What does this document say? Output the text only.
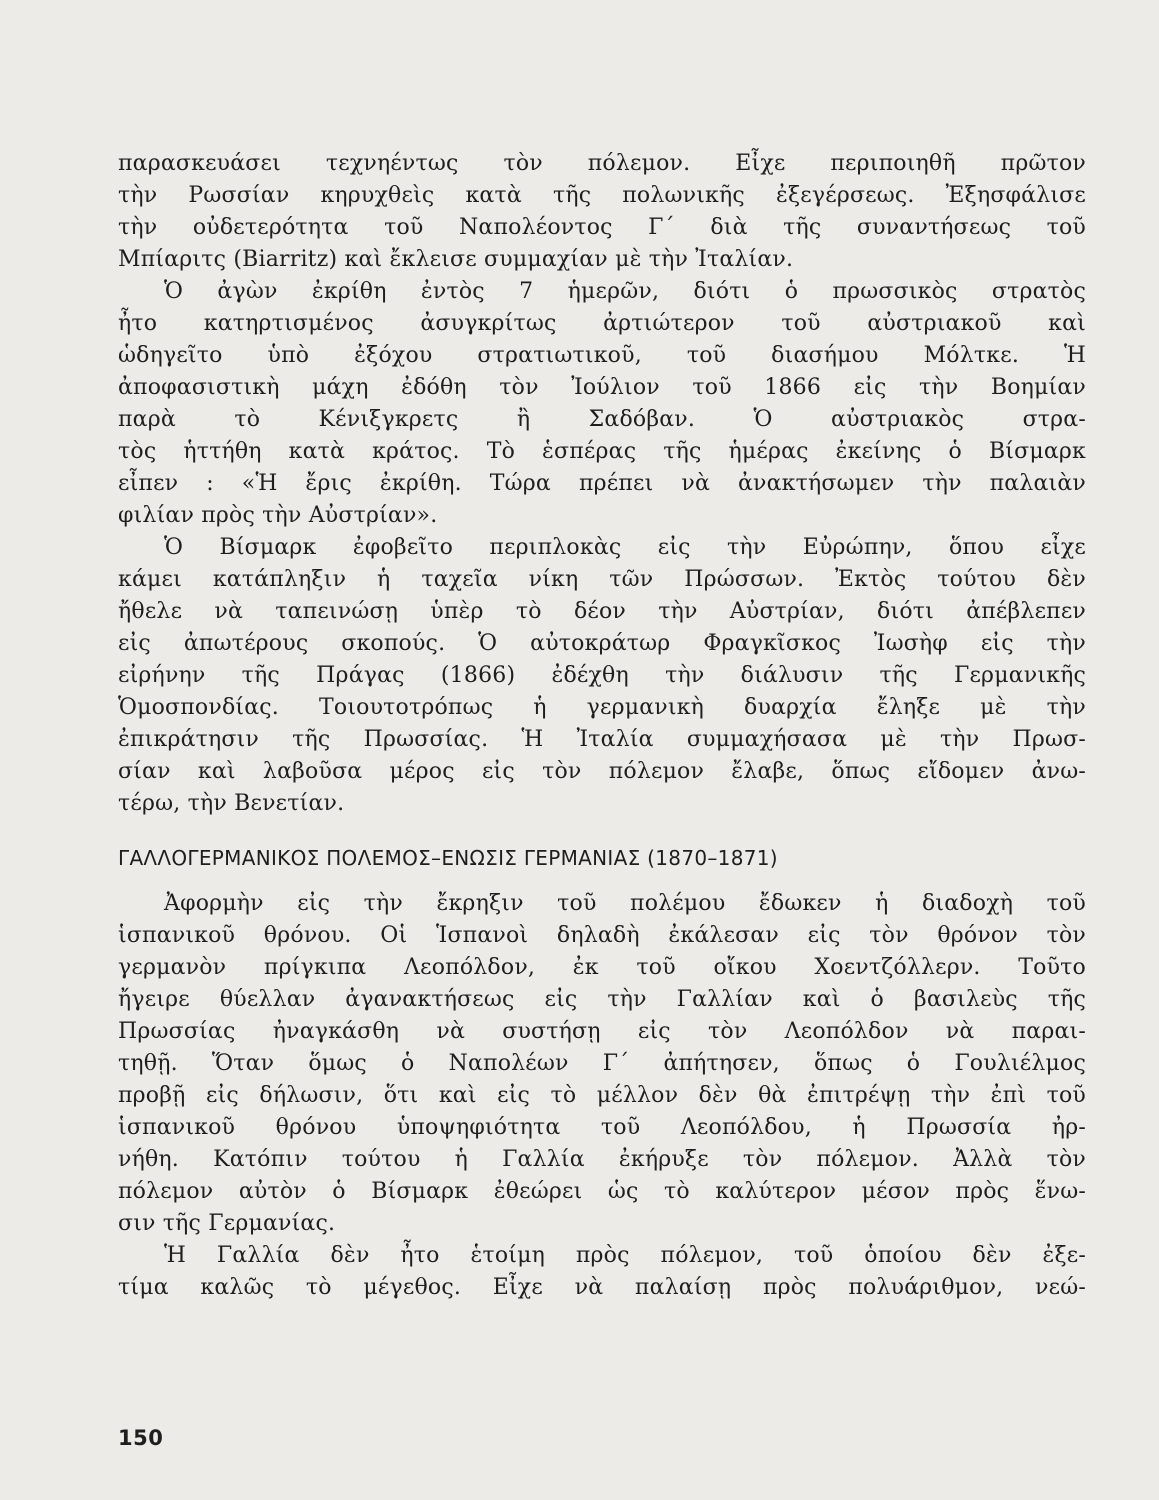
παρασκευάσει τεχνηέντως τὸν πόλεμον. Εἶχε περιποιηθῆ πρῶτον
τὴν Ρωσσίαν κηρυχθεὶς κατὰ τῆς πολωνικῆς ἐξεγέρσεως. Ἐξησφάλισε
τὴν οὐδετερότητα τοῦ Ναπολέοντος Γ΄ διὰ τῆς συναντήσεως τοῦ
Μπίαριτς (Biarritz) καὶ ἔκλεισε συμμαχίαν μὲ τὴν Ἰταλίαν.
Ὁ ἀγὼν ἐκρίθη ἐντὸς 7 ἡμερῶν, διότι ὁ πρωσσικὸς στρατὸς
ἦτο κατηρτισμένος ἀσυγκρίτως ἀρτιώτερον τοῦ αὐστριακοῦ καὶ
ὡδηγεῖτο ὑπὸ ἐξόχου στρατιωτικοῦ, τοῦ διασήμου Μόλτκε. Ἡ
ἀποφασιστικὴ μάχη ἐδόθη τὸν Ἰούλιον τοῦ 1866 εἰς τὴν Βοημίαν
παρὰ τὸ Κένιξγκρετς ἢ Σαδόβαν. Ὁ αὐστριακὸς στρα-
τὸς ἡττήθη κατὰ κράτος. Τὸ ἑσπέρας τῆς ἡμέρας ἐκείνης ὁ Βίσμαρκ
εἶπεν : «Ἡ ἔρις ἐκρίθη. Τώρα πρέπει νὰ ἀνακτήσωμεν τὴν παλαιὰν
φιλίαν πρὸς τὴν Αὐστρίαν».
Ὁ Βίσμαρκ ἐφοβεῖτο περιπλοκὰς εἰς τὴν Εὐρώπην, ὅπου εἶχε
κάμει κατάπληξιν ἡ ταχεῖα νίκη τῶν Πρώσσων. Ἐκτὸς τούτου δὲν
ἤθελε νὰ ταπεινώσῃ ὑπὲρ τὸ δέον τὴν Αὐστρίαν, διότι ἀπέβλεπεν
εἰς ἀπωτέρους σκοπούς. Ὁ αὐτοκράτωρ Φραγκῖσκος Ἰωσὴφ εἰς τὴν
εἰρήνην τῆς Πράγας (1866) ἐδέχθη τὴν διάλυσιν τῆς Γερμανικῆς
Ὁμοσπονδίας. Τοιουτοτρόπως ἡ γερμανικὴ δυαρχία ἔληξε μὲ τὴν
ἐπικράτησιν τῆς Πρωσσίας. Ἡ Ἰταλία συμμαχήσασα μὲ τὴν Πρωσ-
σίαν καὶ λαβοῦσα μέρος εἰς τὸν πόλεμον ἔλαβε, ὅπως εἴδομεν ἀνω-
τέρω, τὴν Βενετίαν.
ΓΑΛΛΟΓΕΡΜΑΝΙΚΟΣ ΠΟΛΕΜΟΣ–ΕΝΩΣΙΣ ΓΕΡΜΑΝΙΑΣ (1870–1871)
Ἀφορμὴν εἰς τὴν ἔκρηξιν τοῦ πολέμου ἔδωκεν ἡ διαδοχὴ τοῦ
ἱσπανικοῦ θρόνου. Οἱ Ἱσπανοὶ δηλαδὴ ἐκάλεσαν εἰς τὸν θρόνον τὸν
γερμανὸν πρίγκιπα Λεοπόλδον, ἐκ τοῦ οἴκου Χοεντζόλλερν. Τοῦτο
ἤγειρε θύελλαν ἀγανακτήσεως εἰς τὴν Γαλλίαν καὶ ὁ βασιλεὺς τῆς
Πρωσσίας ἠναγκάσθη νὰ συστήσῃ εἰς τὸν Λεοπόλδον νὰ παραι-
τηθῇ. Ὅταν ὅμως ὁ Ναπολέων Γ΄ ἀπήτησεν, ὅπως ὁ Γουλιέλμος
προβῇ εἰς δήλωσιν, ὅτι καὶ εἰς τὸ μέλλον δὲν θὰ ἐπιτρέψῃ τὴν ἐπὶ τοῦ
ἱσπανικοῦ θρόνου ὑποψηφιότητα τοῦ Λεοπόλδου, ἡ Πρωσσία ἠρ-
νήθη. Κατόπιν τούτου ἡ Γαλλία ἐκήρυξε τὸν πόλεμον. Ἀλλὰ τὸν
πόλεμον αὐτὸν ὁ Βίσμαρκ ἐθεώρει ὡς τὸ καλύτερον μέσον πρὸς ἕνω-
σιν τῆς Γερμανίας.
Ἡ Γαλλία δὲν ἦτο ἑτοίμη πρὸς πόλεμον, τοῦ ὁποίου δὲν ἐξε-
τίμα καλῶς τὸ μέγεθος. Εἶχε νὰ παλαίσῃ πρὸς πολυάριθμον, νεώ-
150
